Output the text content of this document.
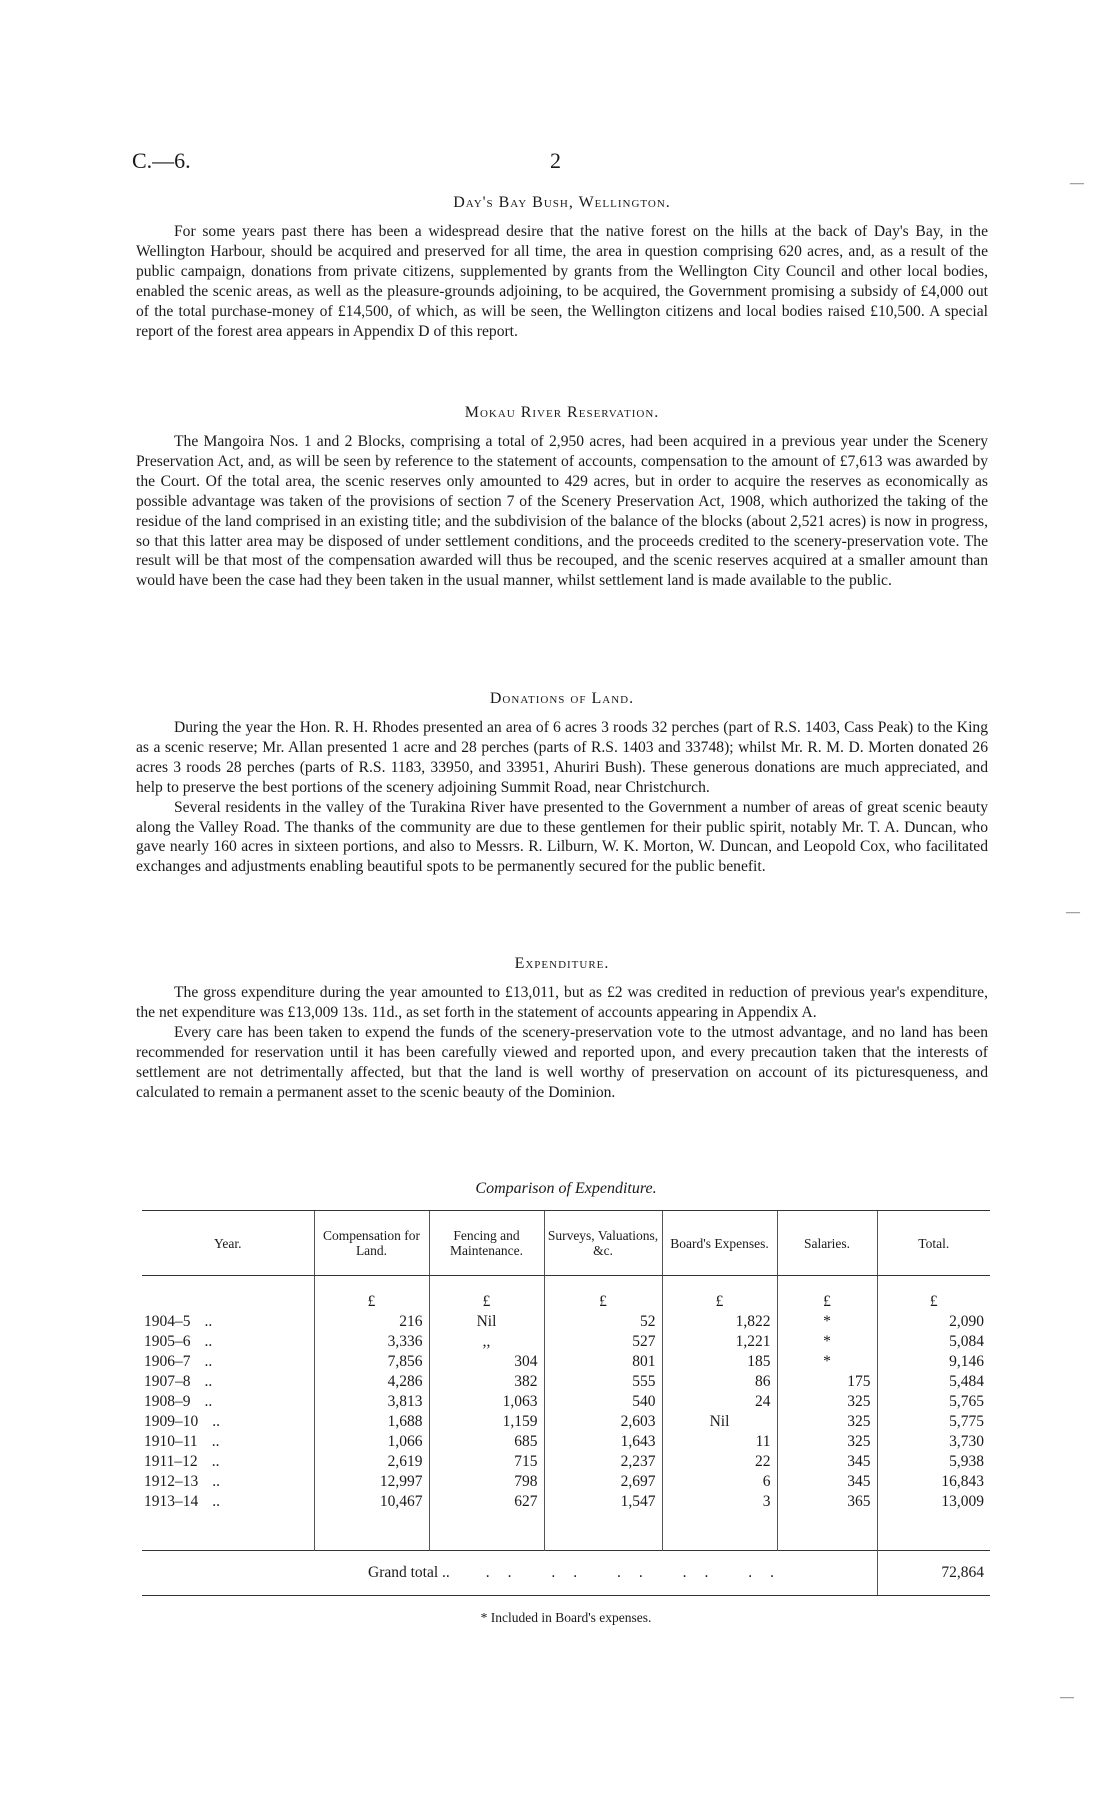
C.—6.	2
Day's Bay Bush, Wellington.

For some years past there has been a widespread desire that the native forest on the hills at the back of Day's Bay, in the Wellington Harbour, should be acquired and preserved for all time, the area in question comprising 620 acres, and, as a result of the public campaign, donations from private citizens, supplemented by grants from the Wellington City Council and other local bodies, enabled the scenic areas, as well as the pleasure-grounds adjoining, to be acquired, the Government promising a subsidy of £4,000 out of the total purchase-money of £14,500, of which, as will be seen, the Wellington citizens and local bodies raised £10,500. A special report of the forest area appears in Appendix D of this report.

Mokau River Reservation.

The Mangoira Nos. 1 and 2 Blocks, comprising a total of 2,950 acres, had been acquired in a previous year under the Scenery Preservation Act, and, as will be seen by reference to the statement of accounts, compensation to the amount of £7,613 was awarded by the Court. Of the total area, the scenic reserves only amounted to 429 acres, but in order to acquire the reserves as economically as possible advantage was taken of the provisions of section 7 of the Scenery Preservation Act, 1908, which authorized the taking of the residue of the land comprised in an existing title; and the subdivision of the balance of the blocks (about 2,521 acres) is now in progress, so that this latter area may be disposed of under settlement conditions, and the proceeds credited to the scenery-preservation vote. The result will be that most of the compensation awarded will thus be recouped, and the scenic reserves acquired at a smaller amount than would have been the case had they been taken in the usual manner, whilst settlement land is made available to the public.

Donations of Land.

During the year the Hon. R. H. Rhodes presented an area of 6 acres 3 roods 32 perches (part of R.S. 1403, Cass Peak) to the King as a scenic reserve; Mr. Allan presented 1 acre and 28 perches (parts of R.S. 1403 and 33748); whilst Mr. R. M. D. Morten donated 26 acres 3 roods 28 perches (parts of R.S. 1183, 33950, and 33951, Ahuriri Bush). These generous donations are much appreciated, and help to preserve the best portions of the scenery adjoining Summit Road, near Christchurch.

Several residents in the valley of the Turakina River have presented to the Government a number of areas of great scenic beauty along the Valley Road. The thanks of the community are due to these gentlemen for their public spirit, notably Mr. T. A. Duncan, who gave nearly 160 acres in sixteen portions, and also to Messrs. R. Lilburn, W. K. Morton, W. Duncan, and Leopold Cox, who facilitated exchanges and adjustments enabling beautiful spots to be permanently secured for the public benefit.

Expenditure.

The gross expenditure during the year amounted to £13,011, but as £2 was credited in reduction of previous year's expenditure, the net expenditure was £13,009 13s. 11d., as set forth in the statement of accounts appearing in Appendix A.

Every care has been taken to expend the funds of the scenery-preservation vote to the utmost advantage, and no land has been recommended for reservation until it has been carefully viewed and reported upon, and every precaution taken that the interests of settlement are not detrimentally affected, but that the land is well worthy of preservation on account of its picturesqueness, and calculated to remain a permanent asset to the scenic beauty of the Dominion.

Comparison of Expenditure.
Year.	Compensation for Land.	Fencing and Maintenance.	Surveys, Valuations, &c.	Board's Expenses.	Salaries.	Total.
	£	£	£	£	£	£
1904–5 ..	216	Nil	52	1,822	*	2,090
1905–6 ..	3,336	,,	527	1,221	*	5,084
1906–7 ..	7,856	304	801	185	*	9,146
1907–8 ..	4,286	382	555	86	175	5,484
1908–9 ..	3,813	1,063	540	24	325	5,765
1909–10 ..	1,688	1,159	2,603	Nil	325	5,775
1910–11 ..	1,066	685	1,643	11	325	3,730
1911–12 ..	2,619	715	2,237	22	345	5,938
1912–13 ..	12,997	798	2,697	6	345	16,843
1913–14 ..	10,467	627	1,547	3	365	13,009

Grand total .. .. .. .. .. ..						72,864
* Included in Board's expenses.
—
—
—
